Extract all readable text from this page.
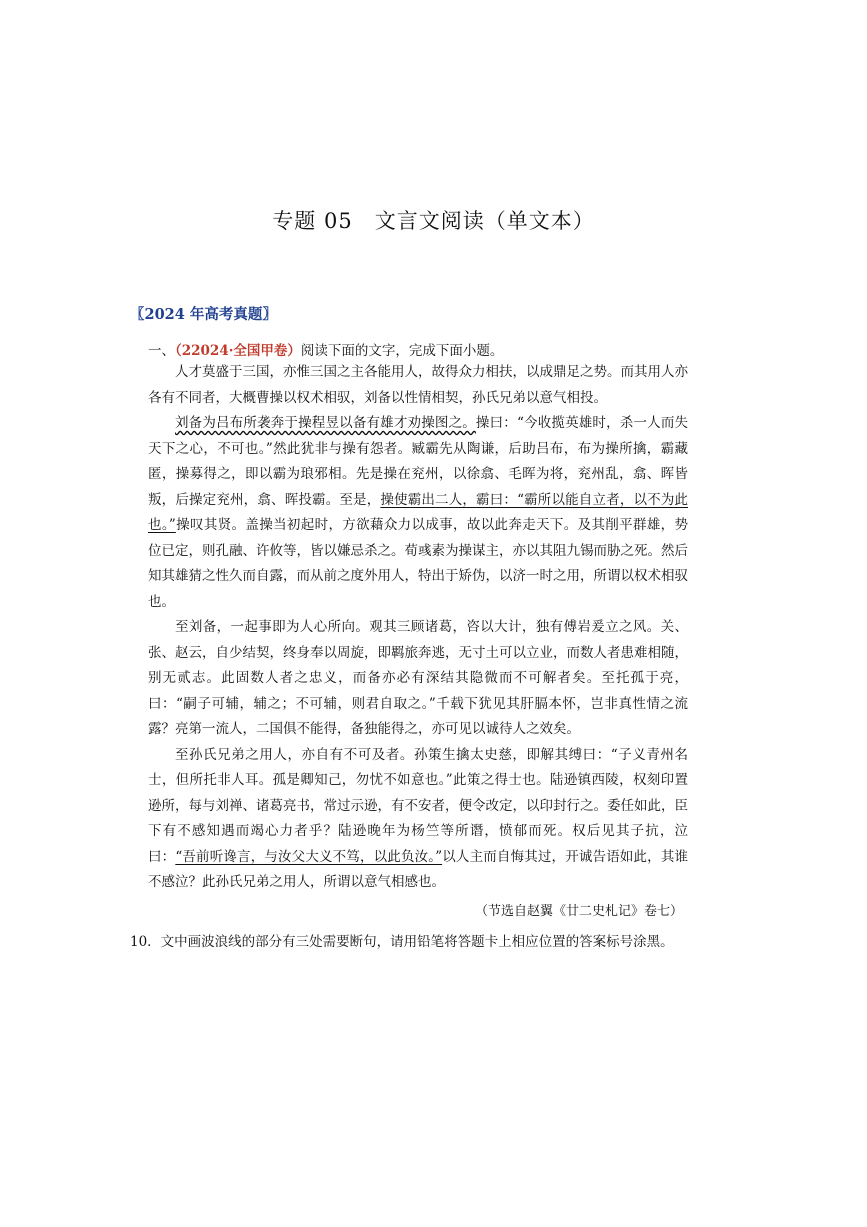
专题 05　文言文阅读（单文本）
〖2024 年高考真题〗
一、（22024·全国甲卷）阅读下面的文字，完成下面小题。

人才莫盛于三国，亦惟三国之主各能用人，故得众力相扶，以成鼎足之势。而其用人亦各有不同者，大概曹操以权术相驭，刘备以性情相契，孙氏兄弟以意气相投。

刘备为吕布所袭奔于操程昱以备有雄才劝操图之。操曰：“今收揽英雄时，杀一人而失天下之心，不可也。”然此犹非与操有怨者。臧霸先从陶谦，后助吕布，布为操所擒，霸藏匿，操募得之，即以霸为琅邪相。先是操在兖州，以徐翕、毛晖为将，兖州乱，翕、晖皆叛，后操定兖州，翕、晖投霸。至是，操使霸出二人，霸曰：“霸所以能自立者，以不为此也。”操叹其贤。盖操当初起时，方欲藉众力以成事，故以此奔走天下。及其削平群雄，势位已定，则孔融、许攸等，皆以嫌忌杀之。荀彧素为操谋主，亦以其阻九锡而胁之死。然后知其雄猜之性久而自露，而从前之度外用人，特出于矫伪，以济一时之用，所谓以权术相驭也。

至刘备，一起事即为人心所向。观其三顾诸葛，咨以大计，独有傅岩爰立之风。关、张、赵云，自少结契，终身奉以周旋，即羁旅奔逃，无寸土可以立业，而数人者患难相随，别无贰志。此固数人者之忠义，而备亦必有深结其隐微而不可解者矣。至托孤于亮，曰：“嗣子可辅，辅之；不可辅，则君自取之。”千载下犹见其肝膈本怀，岂非真性情之流露？亮第一流人，二国俱不能得，备独能得之，亦可见以诚待人之效矣。

至孙氏兄弟之用人，亦自有不可及者。孙策生擒太史慈，即解其缚曰：“子义青州名士，但所托非人耳。孤是卿知己，勿忧不如意也。”此策之得士也。陆逊镇西陵，权刻印置逊所，每与刘禅、诸葛亮书，常过示逊，有不安者，便令改定，以印封行之。委任如此，臣下有不感知遇而竭心力者乎？陆逊晚年为杨竺等所谮，愤郁而死。权后见其子抗，泣曰：“吾前听谗言，与汝父大义不笃，以此负汝。”以人主而自悔其过，开诚告语如此，其谁不感泣？此孙氏兄弟之用人，所谓以意气相感也。

（节选自赵翼《廿二史札记》卷七）
10．文中画波浪线的部分有三处需要断句，请用铅笔将答题卡上相应位置的答案标号涂黑。
